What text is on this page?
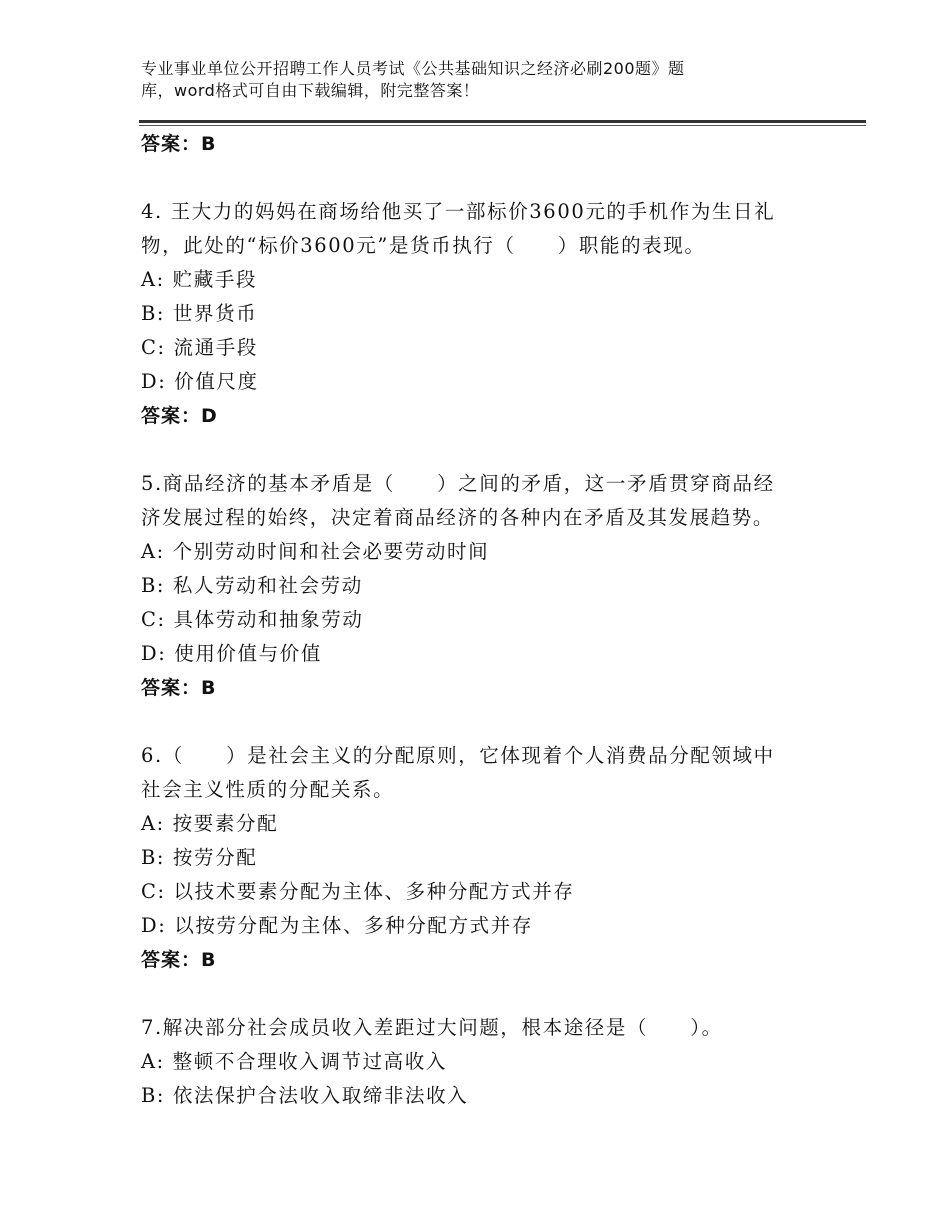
专业事业单位公开招聘工作人员考试《公共基础知识之经济必刷200题》题
库，word格式可自由下载编辑，附完整答案！

答案：B

4. 王大力的妈妈在商场给他买了一部标价3600元的手机作为生日礼

物，此处的“标价3600元”是货币执行（　　）职能的表现。

A: 贮藏手段

B: 世界货币

C: 流通手段

D: 价值尺度

答案：D

5.商品经济的基本矛盾是（　　）之间的矛盾，这一矛盾贯穿商品经

济发展过程的始终，决定着商品经济的各种内在矛盾及其发展趋势。

A: 个别劳动时间和社会必要劳动时间

B: 私人劳动和社会劳动

C: 具体劳动和抽象劳动

D: 使用价值与价值

答案：B

6.（　　）是社会主义的分配原则，它体现着个人消费品分配领域中

社会主义性质的分配关系。

A: 按要素分配

B: 按劳分配

C: 以技术要素分配为主体、多种分配方式并存

D: 以按劳分配为主体、多种分配方式并存

答案：B

7.解决部分社会成员收入差距过大问题，根本途径是（　　）。

A: 整顿不合理收入调节过高收入

B: 依法保护合法收入取缔非法收入
